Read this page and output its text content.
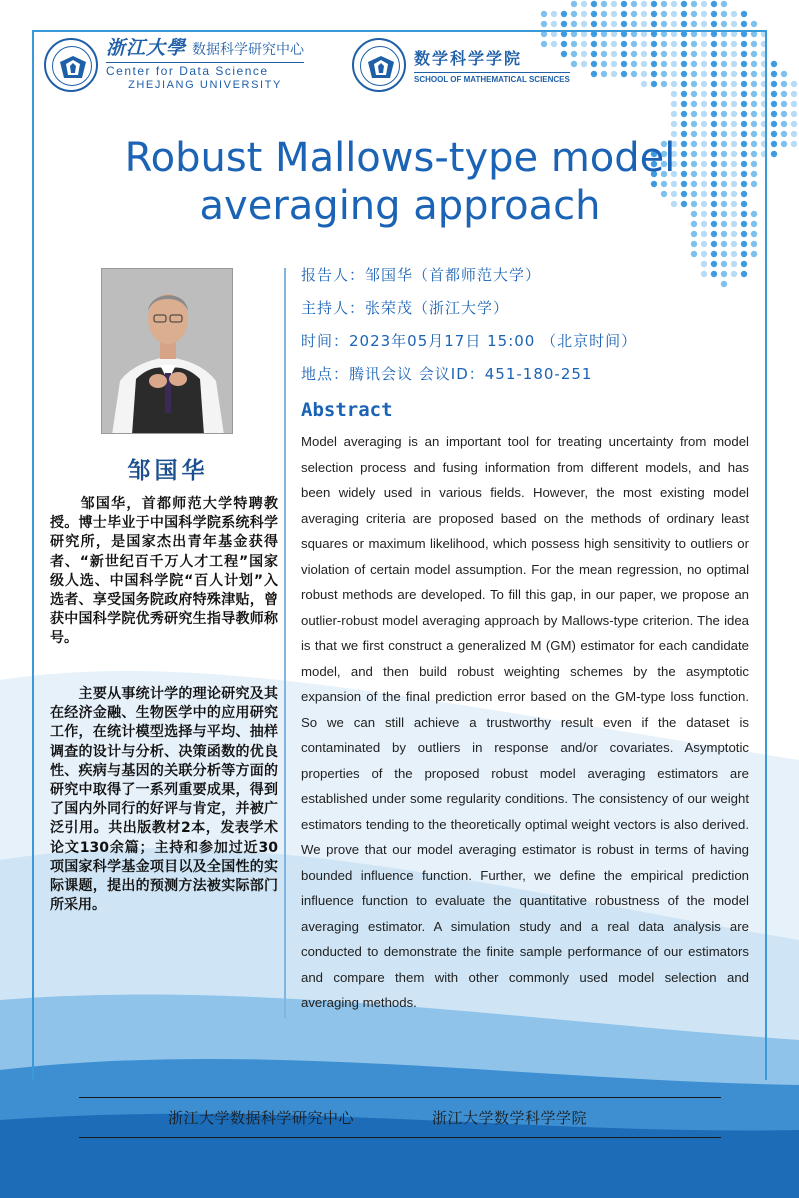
浙江大學 数据科学研究中心
Center for Data Science
ZHEJIANG UNIVERSITY
数学科学学院
SCHOOL OF MATHEMATICAL SCIENCES
Robust Mallows-type model averaging approach
邹国华

　　邹国华，首都师范大学特聘教授。博士毕业于中国科学院系统科学研究所，是国家杰出青年基金获得者、“新世纪百千万人才工程”国家级人选、中国科学院“百人计划”入选者、享受国务院政府特殊津贴，曾获中国科学院优秀研究生指导教师称号。

　　主要从事统计学的理论研究及其在经济金融、生物医学中的应用研究工作，在统计模型选择与平均、抽样调查的设计与分析、决策函数的优良性、疾病与基因的关联分析等方面的研究中取得了一系列重要成果，得到了国内外同行的好评与肯定，并被广泛引用。共出版教材2本，发表学术论文130余篇；主持和参加过近30项国家科学基金项目以及全国性的实际课题，提出的预测方法被实际部门所采用。

报告人：邹国华（首都师范大学）
主持人：张荣茂（浙江大学）
时间：2023年05月17日 15:00 （北京时间）
地点：腾讯会议 会议ID：451-180-251
Abstract

Model averaging is an important tool for treating uncertainty from model selection process and fusing information from different models, and has been widely used in various fields. However, the most existing model averaging criteria are proposed based on the methods of ordinary least squares or maximum likelihood, which possess high sensitivity to outliers or violation of certain model assumption. For the mean regression, no optimal robust methods are developed. To fill this gap, in our paper, we propose an outlier-robust model averaging approach by Mallows-type criterion. The idea is that we first construct a generalized M (GM) estimator for each candidate model, and then build robust weighting schemes by the asymptotic expansion of the final prediction error based on the GM-type loss function. So we can still achieve a trustworthy result even if the dataset is contaminated by outliers in response and/or covariates. Asymptotic properties of the proposed robust model averaging estimators are established under some regularity conditions. The consistency of our weight estimators tending to the theoretically optimal weight vectors is also derived. We prove that our model averaging estimator is robust in terms of having bounded influence function. Further, we define the empirical prediction influence function to evaluate the quantitative robustness of the model averaging estimator. A simulation study and a real data analysis are conducted to demonstrate the finite sample performance of our estimators and compare them with other commonly used model selection and averaging methods.

浙江大学数据科学研究中心	浙江大学数学科学学院
